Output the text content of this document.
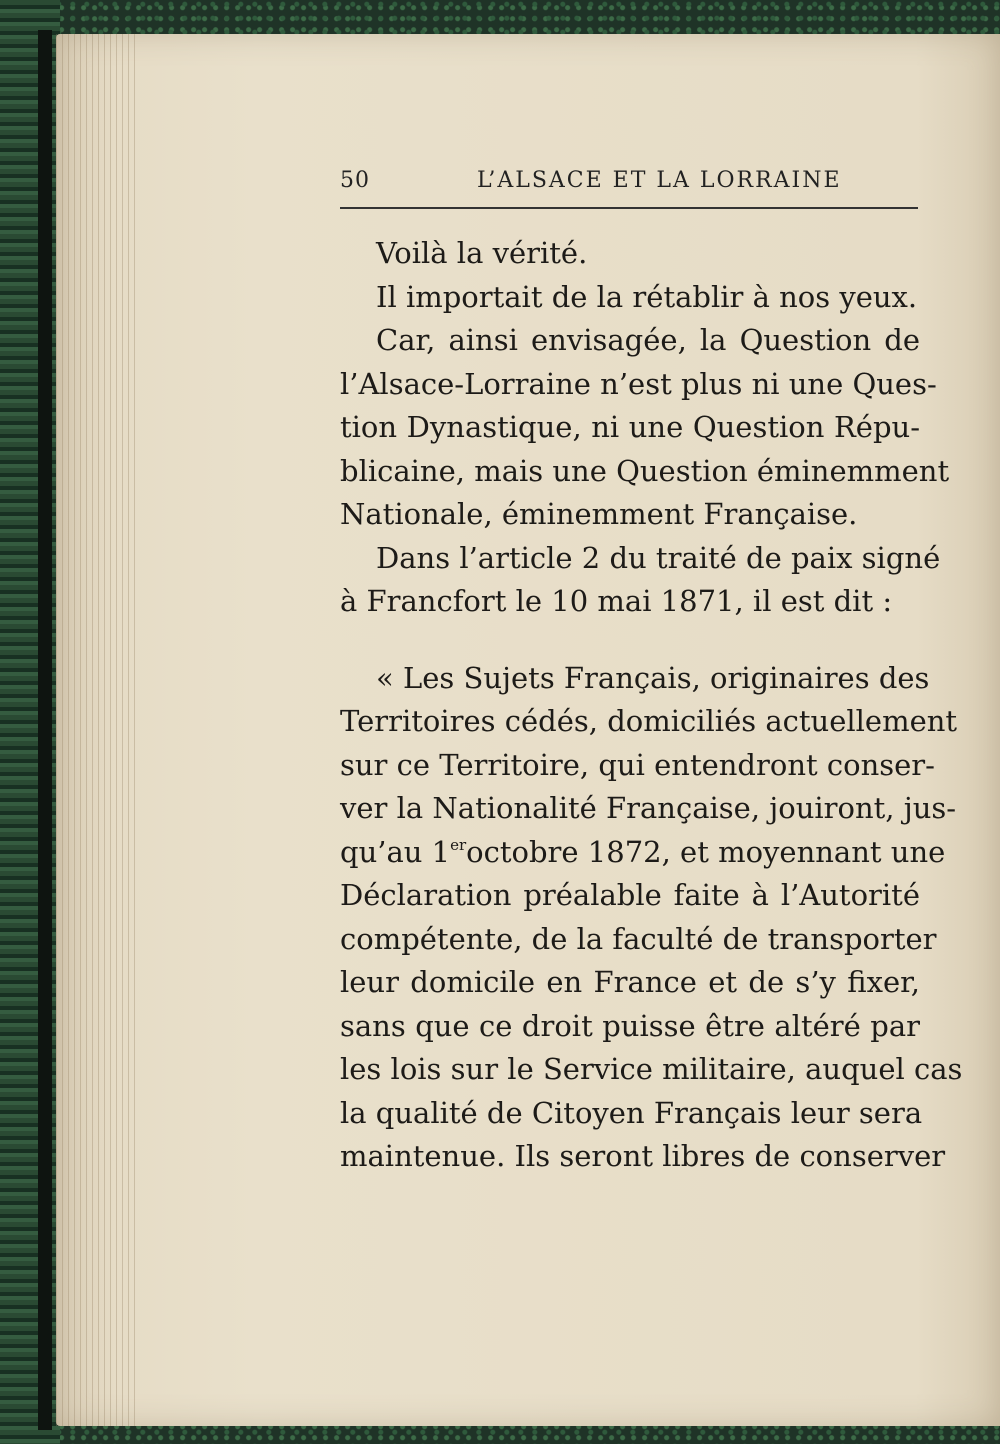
50	L’ALSACE ET LA LORRAINE
Voilà la vérité.
Il importait de la rétablir à nos yeux.
Car, ainsi envisagée, la Question de
l’Alsace-Lorraine n’est plus ni une Ques-
tion Dynastique, ni une Question Répu-
blicaine, mais une Question éminemment
Nationale, éminemment Française.
Dans l’article 2 du traité de paix signé
à Francfort le 10 mai 1871, il est dit :
« Les Sujets Français, originaires des
Territoires cédés, domiciliés actuellement
sur ce Territoire, qui entendront conser-
ver la Nationalité Française, jouiront, jus-
qu’au 1er octobre 1872, et moyennant une
Déclaration préalable faite à l’Autorité
compétente, de la faculté de transporter
leur domicile en France et de s’y fixer,
sans que ce droit puisse être altéré par
les lois sur le Service militaire, auquel cas
la qualité de Citoyen Français leur sera
maintenue. Ils seront libres de conserver
